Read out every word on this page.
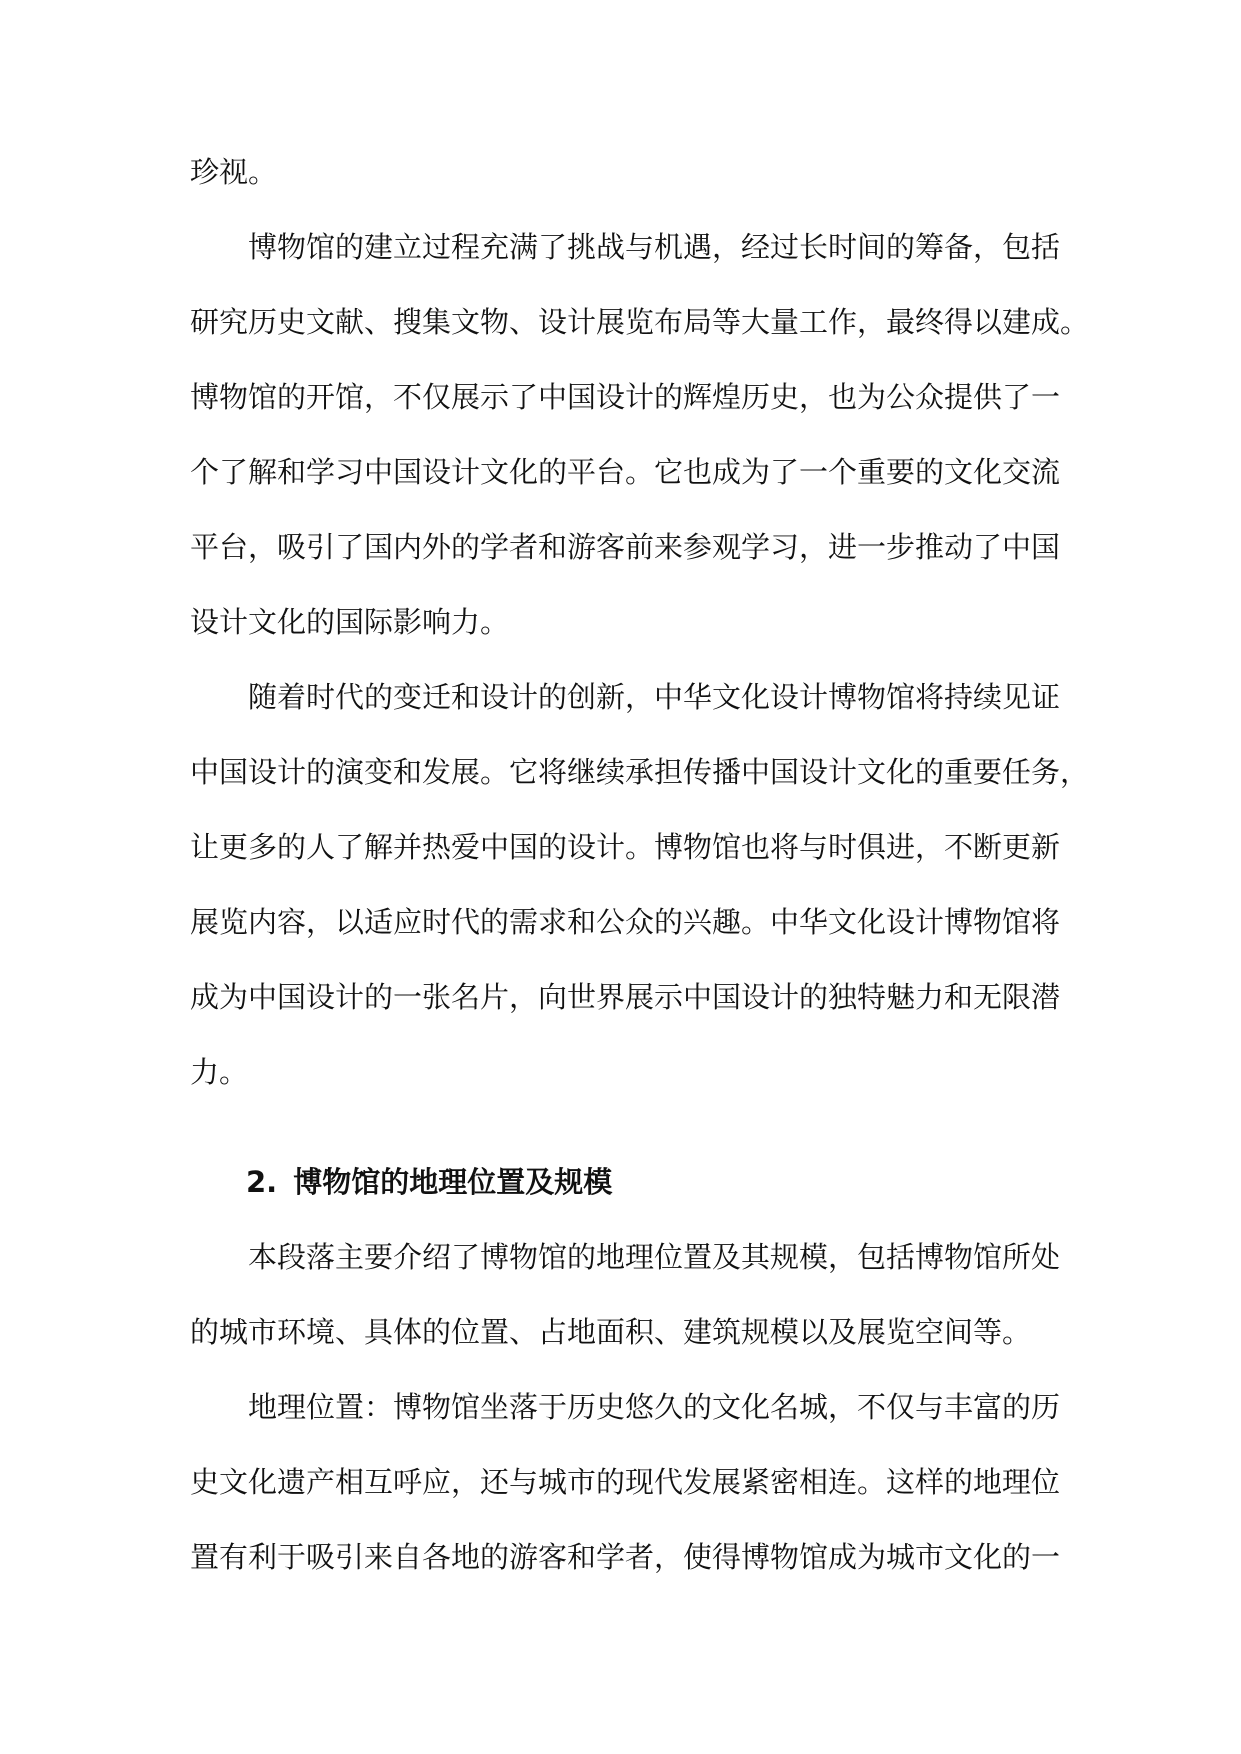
珍视。
博物馆的建立过程充满了挑战与机遇，经过长时间的筹备，包括
研究历史文献、搜集文物、设计展览布局等大量工作，最终得以建成。
博物馆的开馆，不仅展示了中国设计的辉煌历史，也为公众提供了一
个了解和学习中国设计文化的平台。它也成为了一个重要的文化交流
平台，吸引了国内外的学者和游客前来参观学习，进一步推动了中国
设计文化的国际影响力。
随着时代的变迁和设计的创新，中华文化设计博物馆将持续见证
中国设计的演变和发展。它将继续承担传播中国设计文化的重要任务，
让更多的人了解并热爱中国的设计。博物馆也将与时俱进，不断更新
展览内容，以适应时代的需求和公众的兴趣。中华文化设计博物馆将
成为中国设计的一张名片，向世界展示中国设计的独特魅力和无限潜
力。
2. 博物馆的地理位置及规模
本段落主要介绍了博物馆的地理位置及其规模，包括博物馆所处
的城市环境、具体的位置、占地面积、建筑规模以及展览空间等。
地理位置：博物馆坐落于历史悠久的文化名城，不仅与丰富的历
史文化遗产相互呼应，还与城市的现代发展紧密相连。这样的地理位
置有利于吸引来自各地的游客和学者，使得博物馆成为城市文化的一
